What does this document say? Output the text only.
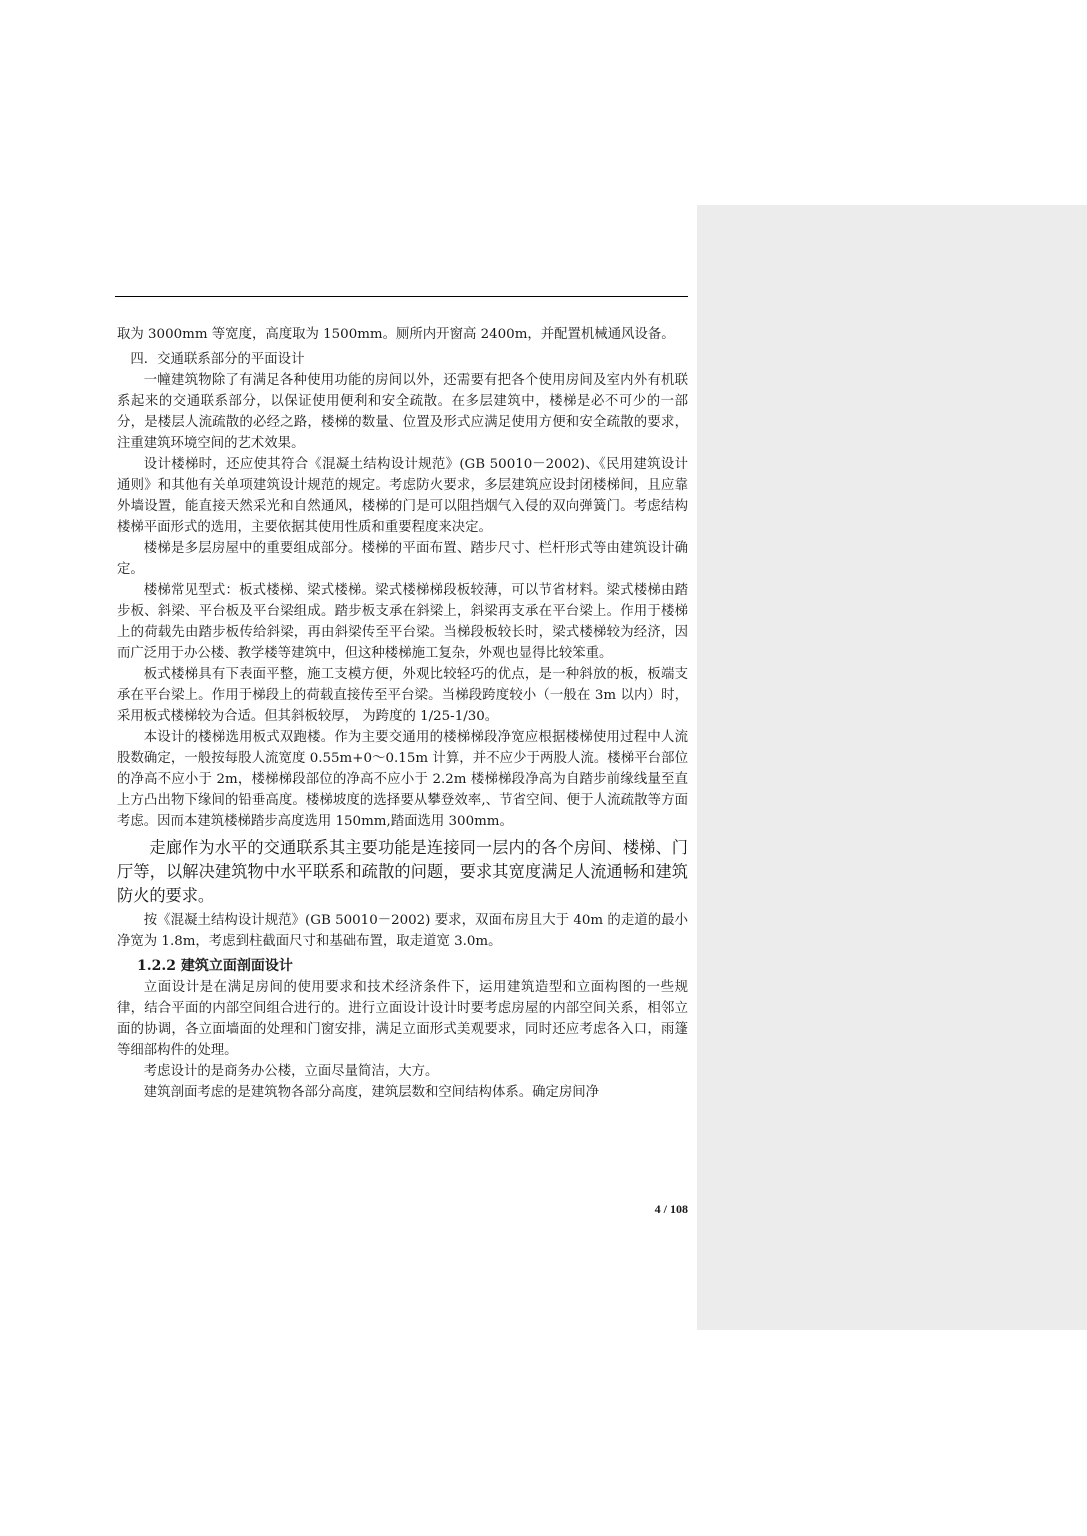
取为 3000mm 等宽度，高度取为 1500mm。厕所内开窗高 2400m，并配置机械通风设备。

四．交通联系部分的平面设计

一幢建筑物除了有满足各种使用功能的房间以外，还需要有把各个使用房间及室内外有机联系起来的交通联系部分，以保证使用便利和安全疏散。在多层建筑中，楼梯是必不可少的一部分，是楼层人流疏散的必经之路，楼梯的数量、位置及形式应满足使用方便和安全疏散的要求，注重建筑环境空间的艺术效果。

设计楼梯时，还应使其符合《混凝土结构设计规范》(GB 50010－2002)、《民用建筑设计通则》和其他有关单项建筑设计规范的规定。考虑防火要求，多层建筑应设封闭楼梯间，且应靠外墙设置，能直接天然采光和自然通风，楼梯的门是可以阻挡烟气入侵的双向弹簧门。考虑结构楼梯平面形式的选用，主要依据其使用性质和重要程度来决定。

楼梯是多层房屋中的重要组成部分。楼梯的平面布置、踏步尺寸、栏杆形式等由建筑设计确定。

楼梯常见型式：板式楼梯、梁式楼梯。梁式楼梯梯段板较薄，可以节省材料。梁式楼梯由踏步板、斜梁、平台板及平台梁组成。踏步板支承在斜梁上，斜梁再支承在平台梁上。作用于楼梯上的荷载先由踏步板传给斜梁，再由斜梁传至平台梁。当梯段板较长时，梁式楼梯较为经济，因而广泛用于办公楼、教学楼等建筑中，但这种楼梯施工复杂，外观也显得比较笨重。

板式楼梯具有下表面平整，施工支模方便，外观比较轻巧的优点，是一种斜放的板，板端支承在平台梁上。作用于梯段上的荷载直接传至平台梁。当梯段跨度较小（一般在 3m 以内）时，采用板式楼梯较为合适。但其斜板较厚， 为跨度的 1/25-1/30。

本设计的楼梯选用板式双跑楼。作为主要交通用的楼梯梯段净宽应根据楼梯使用过程中人流股数确定，一般按每股人流宽度 0.55m+0～0.15m 计算，并不应少于两股人流。楼梯平台部位的净高不应小于 2m，楼梯梯段部位的净高不应小于 2.2m 楼梯梯段净高为自踏步前缘线量至直上方凸出物下缘间的铅垂高度。楼梯坡度的选择要从攀登效率,、节省空间、便于人流疏散等方面考虑。因而本建筑楼梯踏步高度选用 150mm,踏面选用 300mm。

走廊作为水平的交通联系其主要功能是连接同一层内的各个房间、楼梯、门厅等，以解决建筑物中水平联系和疏散的问题，要求其宽度满足人流通畅和建筑防火的要求。

按《混凝土结构设计规范》(GB 50010－2002) 要求，双面布房且大于 40m 的走道的最小净宽为 1.8m，考虑到柱截面尺寸和基础布置，取走道宽 3.0m。

1.2.2 建筑立面剖面设计

立面设计是在满足房间的使用要求和技术经济条件下，运用建筑造型和立面构图的一些规律，结合平面的内部空间组合进行的。进行立面设计设计时要考虑房屋的内部空间关系，相邻立面的协调，各立面墙面的处理和门窗安排，满足立面形式美观要求，同时还应考虑各入口，雨篷等细部构件的处理。

考虑设计的是商务办公楼，立面尽量简洁，大方。

建筑剖面考虑的是建筑物各部分高度，建筑层数和空间结构体系。确定房间净

4 / 108
